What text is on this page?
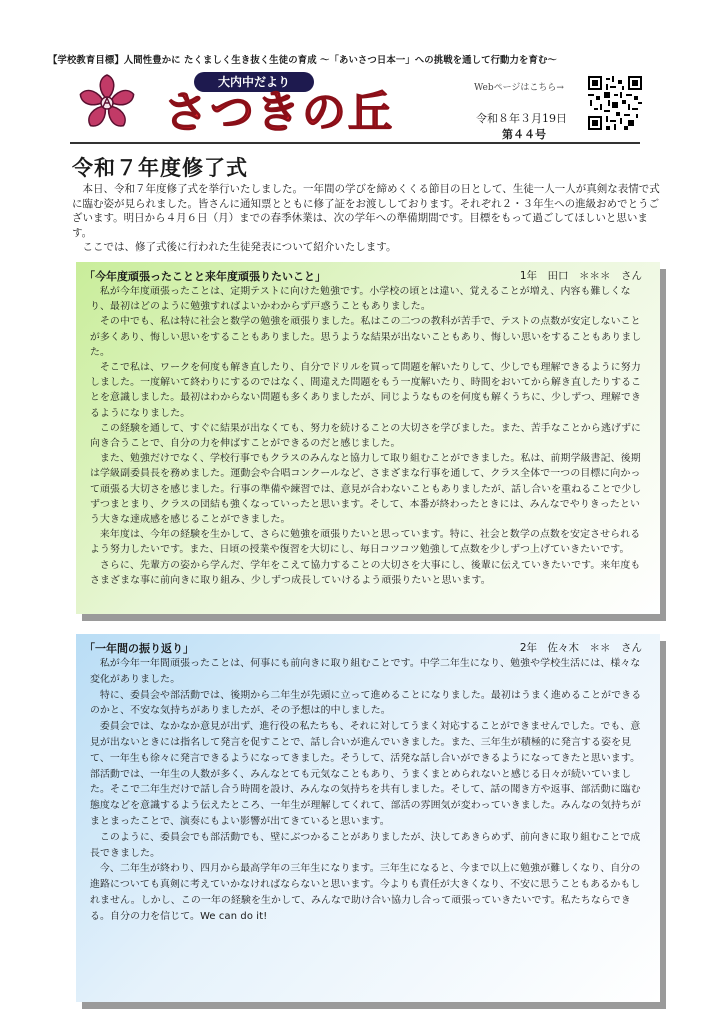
【学校教育目標】人間性豊かに たくましく生き抜く生徒の育成 ～「あいさつ日本一」への挑戦を通して行動力を育む～
大内中だより
さつきの丘	Webページはこちら→
令和８年３月19日
第４４号
令和７年度修了式

本日、令和７年度修了式を挙行いたしました。一年間の学びを締めくくる節目の日として、生徒一人一人が真剣な表情で式に臨む姿が見られました。皆さんに通知票とともに修了証をお渡ししております。それぞれ２・３年生への進級おめでとうございます。明日から４月６日（月）までの春季休業は、次の学年への準備期間です。目標をもって過ごしてほしいと思います。

ここでは、修了式後に行われた生徒発表について紹介いたします。

「今年度頑張ったことと来年度頑張りたいこと」	1年　田口　＊＊＊　さん

私が今年度頑張ったことは、定期テストに向けた勉強です。小学校の頃とは違い、覚えることが増え、内容も難しくなり、最初はどのように勉強すればよいかわからず戸惑うこともありました。

その中でも、私は特に社会と数学の勉強を頑張りました。私はこの二つの教科が苦手で、テストの点数が安定しないことが多くあり、悔しい思いをすることもありました。思うような結果が出ないこともあり、悔しい思いをすることもありました。

そこで私は、ワークを何度も解き直したり、自分でドリルを買って問題を解いたりして、少しでも理解できるように努力しました。一度解いて終わりにするのではなく、間違えた問題をもう一度解いたり、時間をおいてから解き直したりすることを意識しました。最初はわからない問題も多くありましたが、同じようなものを何度も解くうちに、少しずつ、理解できるようになりました。

この経験を通して、すぐに結果が出なくても、努力を続けることの大切さを学びました。また、苦手なことから逃げずに向き合うことで、自分の力を伸ばすことができるのだと感じました。

また、勉強だけでなく、学校行事でもクラスのみんなと協力して取り組むことができました。私は、前期学級書記、後期は学級副委員長を務めました。運動会や合唱コンクールなど、さまざまな行事を通して、クラス全体で一つの目標に向かって頑張る大切さを感じました。行事の準備や練習では、意見が合わないこともありましたが、話し合いを重ねることで少しずつまとまり、クラスの団結も強くなっていったと思います。そして、本番が終わったときには、みんなでやりきったという大きな達成感を感じることができました。

来年度は、今年の経験を生かして、さらに勉強を頑張りたいと思っています。特に、社会と数学の点数を安定させられるよう努力したいです。また、日頃の授業や復習を大切にし、毎日コツコツ勉強して点数を少しずつ上げていきたいです。

さらに、先輩方の姿から学んだ、学年をこえて協力することの大切さを大事にし、後輩に伝えていきたいです。来年度もさまざまな事に前向きに取り組み、少しずつ成長していけるよう頑張りたいと思います。

「一年間の振り返り」	2年　佐々木　＊＊　さん

私が今年一年間頑張ったことは、何事にも前向きに取り組むことです。中学二年生になり、勉強や学校生活には、様々な変化がありました。

特に、委員会や部活動では、後期から二年生が先頭に立って進めることになりました。最初はうまく進めることができるのかと、不安な気持ちがありましたが、その予想は的中しました。

委員会では、なかなか意見が出ず、進行役の私たちも、それに対してうまく対応することができませんでした。でも、意見が出ないときには指名して発言を促すことで、話し合いが進んでいきました。また、三年生が積極的に発言する姿を見て、一年生も徐々に発言できるようになってきました。そうして、活発な話し合いができるようになってきたと思います。

部活動では、一年生の人数が多く、みんなとても元気なこともあり、うまくまとめられないと感じる日々が続いていました。そこで二年生だけで話し合う時間を設け、みんなの気持ちを共有しました。そして、話の聞き方や返事、部活動に臨む態度などを意識するよう伝えたところ、一年生が理解してくれて、部活の雰囲気が変わっていきました。みんなの気持ちがまとまったことで、演奏にもよい影響が出てきていると思います。

このように、委員会でも部活動でも、壁にぶつかることがありましたが、決してあきらめず、前向きに取り組むことで成長できました。

今、二年生が終わり、四月から最高学年の三年生になります。三年生になると、今まで以上に勉強が難しくなり、自分の進路についても真剣に考えていかなければならないと思います。今よりも責任が大きくなり、不安に思うこともあるかもしれません。しかし、この一年の経験を生かして、みんなで助け合い協力し合って頑張っていきたいです。私たちならできる。自分の力を信じて。We can do it!
